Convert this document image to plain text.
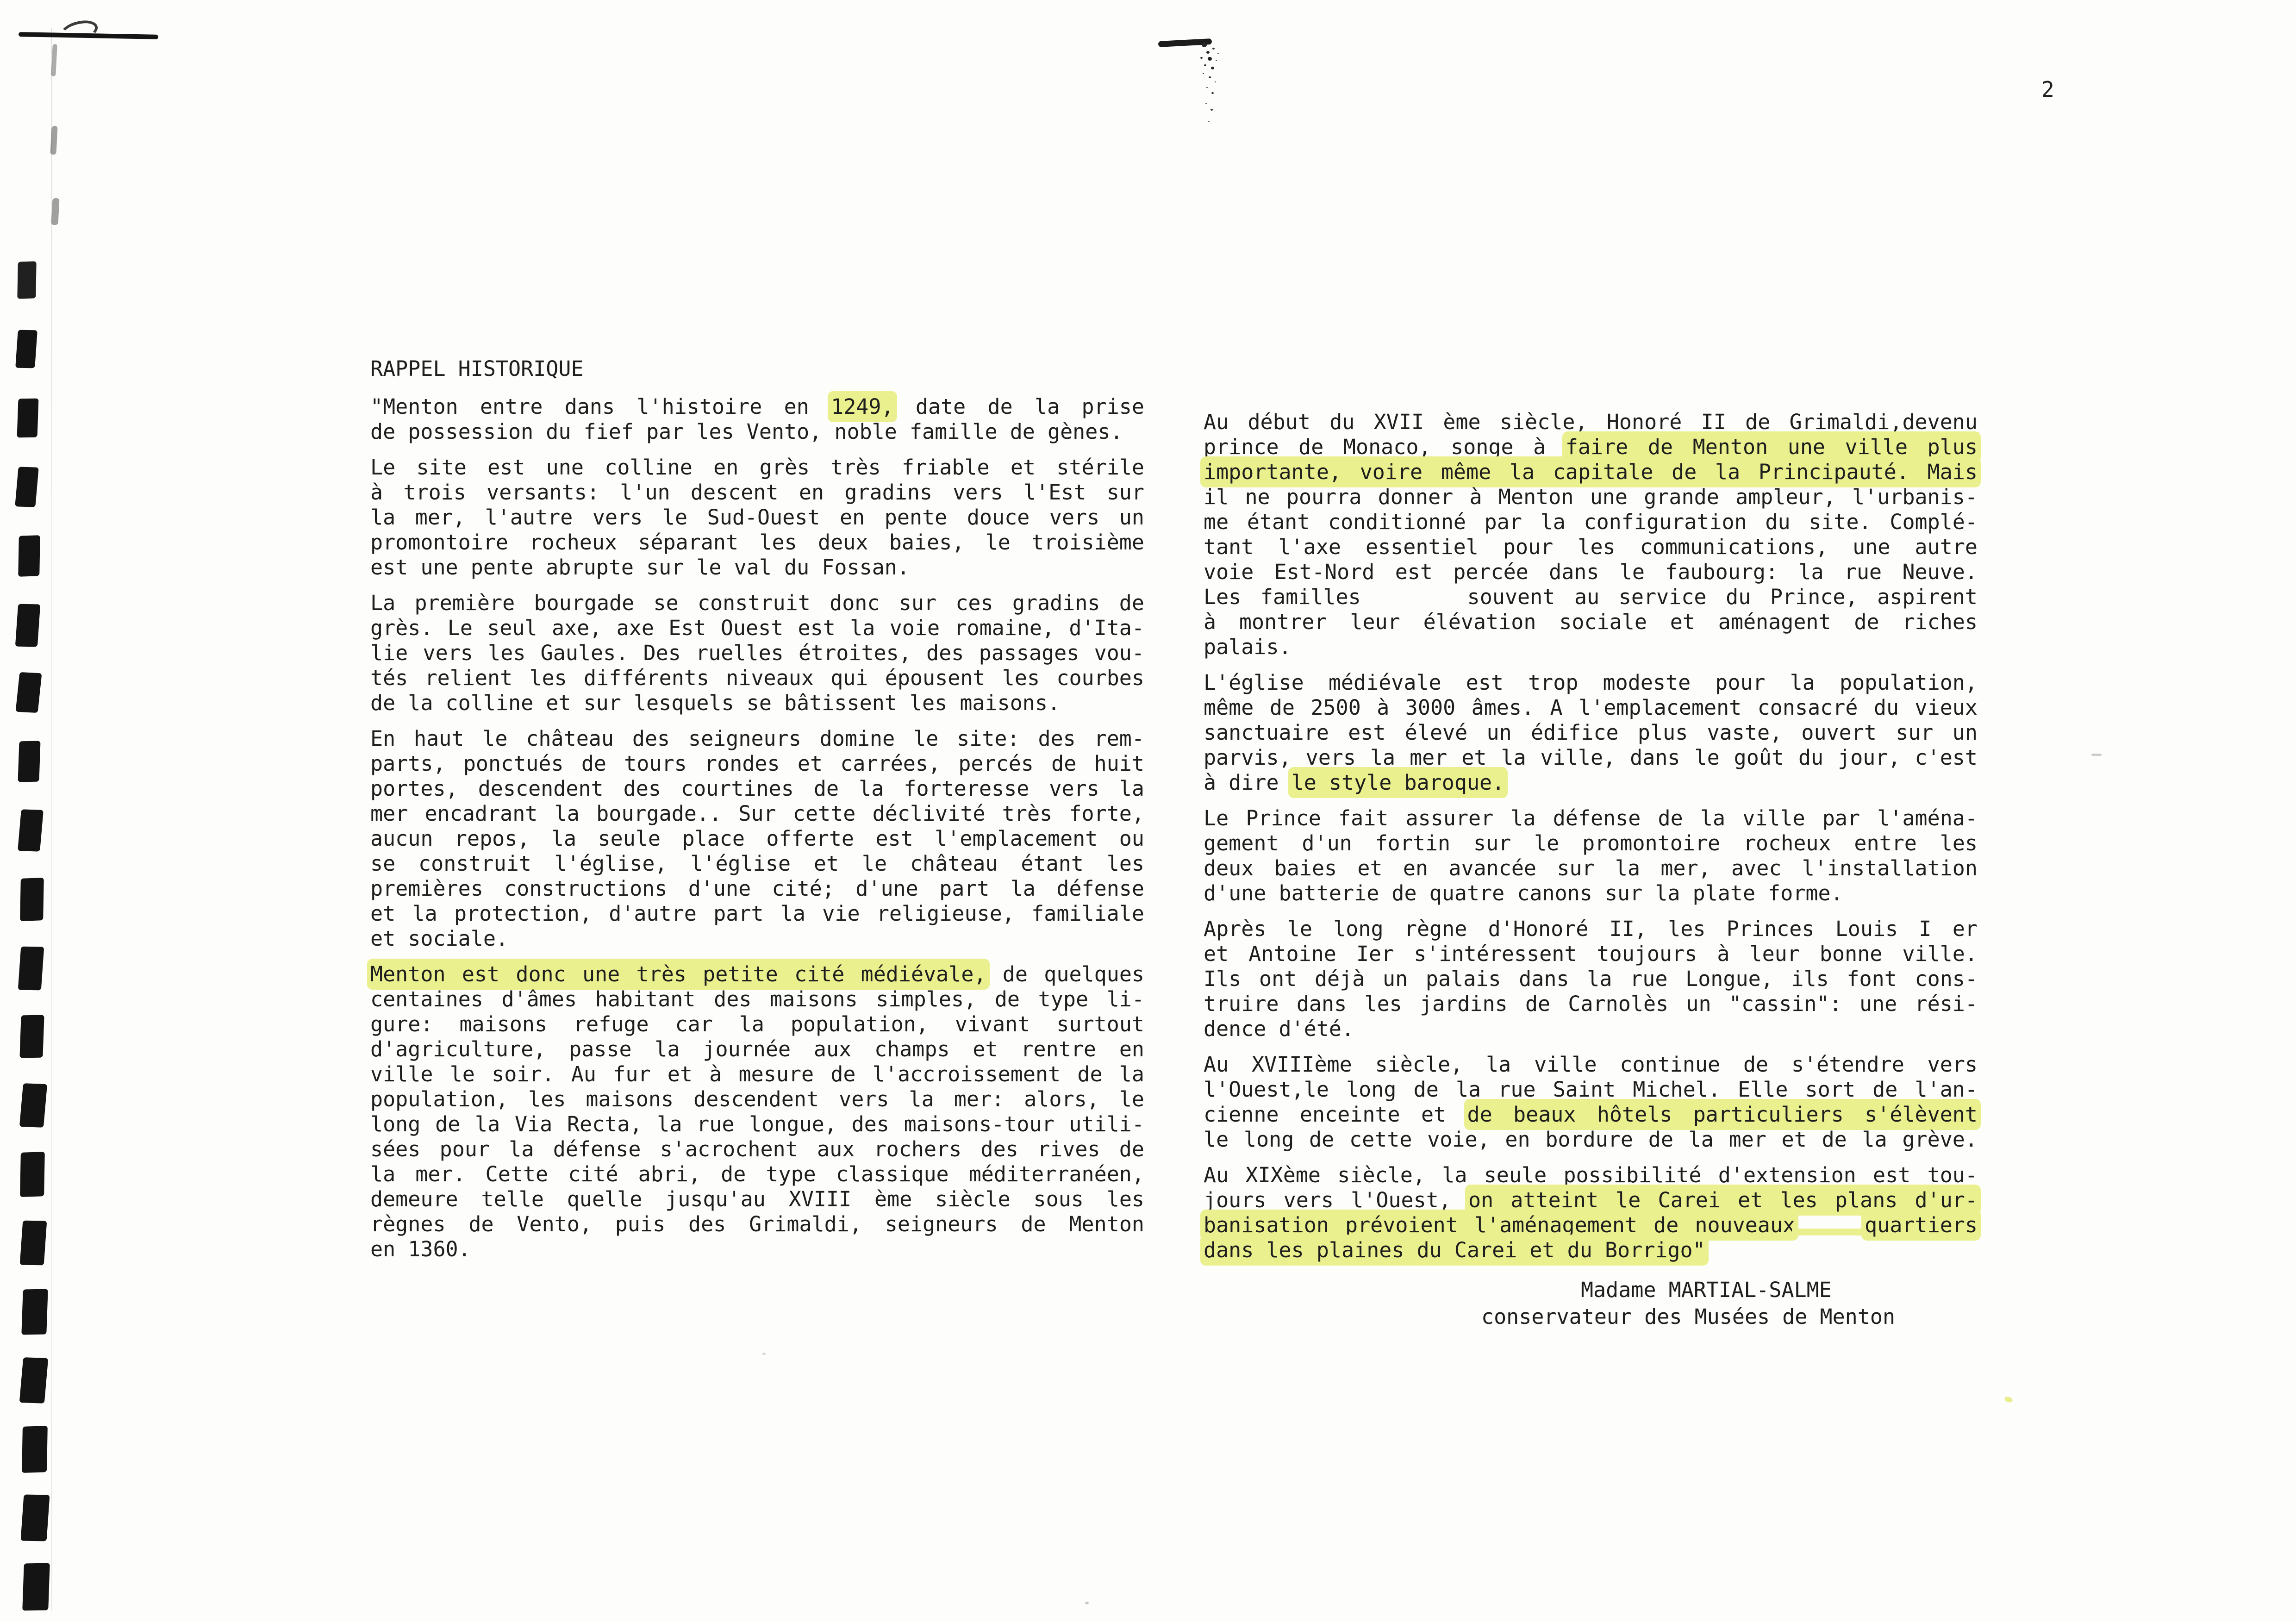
2
RAPPEL HISTORIQUE
"Menton entre dans l'histoire en 1249, date de la prise
de possession du fief par les Vento, noble famille de gènes.
Le site est une colline en grès très friable et stérile
à trois versants: l'un descent en gradins vers l'Est sur
la mer, l'autre vers le Sud-Ouest en pente douce vers un
promontoire rocheux séparant les deux baies, le troisième
est une pente abrupte sur le val du Fossan.
La première bourgade se construit donc sur ces gradins de
grès. Le seul axe, axe Est Ouest est la voie romaine, d'Ita-
lie vers les Gaules. Des ruelles étroites, des passages vou-
tés relient les différents niveaux qui épousent les courbes
de la colline et sur lesquels se bâtissent les maisons.
En haut le château des seigneurs domine le site: des rem-
parts, ponctués de tours rondes et carrées, percés de huit
portes, descendent des courtines de la forteresse vers la
mer encadrant la bourgade.. Sur cette déclivité très forte,
aucun repos, la seule place offerte est l'emplacement ou
se construit l'église, l'église et le château étant les
premières constructions d'une cité; d'une part la défense
et la protection, d'autre part la vie religieuse, familiale
et sociale.
Menton est donc une très petite cité médiévale, de quelques
centaines d'âmes habitant des maisons simples, de type li-
gure: maisons refuge car la population, vivant surtout
d'agriculture, passe la journée aux champs et rentre en
ville le soir. Au fur et à mesure de l'accroissement de la
population, les maisons descendent vers la mer: alors, le
long de la Via Recta, la rue longue, des maisons-tour utili-
sées pour la défense s'acrochent aux rochers des rives de
la mer. Cette cité abri, de type classique méditerranéen,
demeure telle quelle jusqu'au XVIII ème siècle sous les
règnes de Vento, puis des Grimaldi, seigneurs de Menton
en 1360.
Au début du XVII ème siècle, Honoré II de Grimaldi,devenu
prince de Monaco, songe à faire de Menton une ville plus
importante, voire même la capitale de la Principauté. Mais
il ne pourra donner à Menton une grande ampleur, l'urbanis-
me étant conditionné par la configuration du site. Complé-
tant l'axe essentiel pour les communications, une autre
voie Est-Nord est percée dans le faubourg: la rue Neuve.
Les familles	souvent au service du Prince, aspirent
à montrer leur élévation sociale et aménagent de riches
palais.
L'église médiévale est trop modeste pour la population,
même de 2500 à 3000 âmes. A l'emplacement consacré du vieux
sanctuaire est élevé un édifice plus vaste, ouvert sur un
parvis, vers la mer et la ville, dans le goût du jour, c'est
à dire le style baroque.
Le Prince fait assurer la défense de la ville par l'aména-
gement d'un fortin sur le promontoire rocheux entre les
deux baies et en avancée sur la mer, avec l'installation
d'une batterie de quatre canons sur la plate forme.
Après le long règne d'Honoré II, les Princes Louis I er
et Antoine Ier s'intéressent toujours à leur bonne ville.
Ils ont déjà un palais dans la rue Longue, ils font cons-
truire dans les jardins de Carnolès un "cassin": une rési-
dence d'été.
Au XVIIIème siècle, la ville continue de s'étendre vers
l'Ouest,le long de la rue Saint Michel. Elle sort de l'an-
cienne enceinte et de beaux hôtels particuliers s'élèvent
le long de cette voie, en bordure de la mer et de la grève.
Au XIXème siècle, la seule possibilité d'extension est tou-
jours vers l'Ouest, on atteint le Carei et les plans d'ur-
banisation prévoient l'aménagement de nouveaux	quartiers
dans les plaines du Carei et du Borrigo"
Madame MARTIAL-SALME
conservateur des Musées de Menton
